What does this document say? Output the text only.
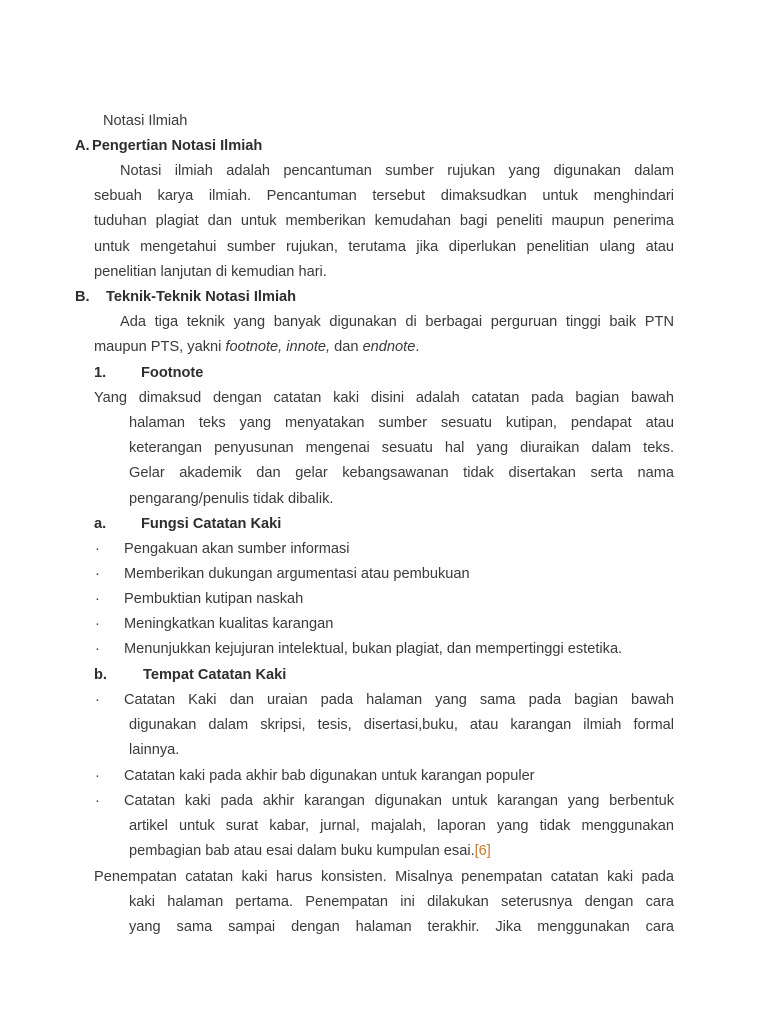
Notasi Ilmiah
A. Pengertian Notasi Ilmiah
Notasi ilmiah adalah pencantuman sumber rujukan yang digunakan dalam
sebuah karya ilmiah. Pencantuman tersebut dimaksudkan untuk menghindari
tuduhan plagiat dan untuk memberikan kemudahan bagi peneliti maupun penerima
untuk mengetahui sumber rujukan, terutama jika diperlukan penelitian ulang atau
penelitian lanjutan di kemudian hari.
B. Teknik-Teknik Notasi Ilmiah
Ada tiga teknik yang banyak digunakan di berbagai perguruan tinggi baik PTN
maupun PTS, yakni footnote, innote, dan endnote.
1. Footnote
Yang dimaksud dengan catatan kaki disini adalah catatan pada bagian bawah
halaman teks yang menyatakan sumber sesuatu kutipan, pendapat atau
keterangan penyusunan mengenai sesuatu hal yang diuraikan dalam teks.
Gelar akademik dan gelar kebangsawanan tidak disertakan serta nama
pengarang/penulis tidak dibalik.
a. Fungsi Catatan Kaki
· Pengakuan akan sumber informasi
· Memberikan dukungan argumentasi atau pembukuan
· Pembuktian kutipan naskah
· Meningkatkan kualitas karangan
· Menunjukkan kejujuran intelektual, bukan plagiat, dan mempertinggi estetika.
b. Tempat Catatan Kaki
· Catatan Kaki dan uraian pada halaman yang sama pada bagian bawah
digunakan dalam skripsi, tesis, disertasi,buku, atau karangan ilmiah formal
lainnya.
· Catatan kaki pada akhir bab digunakan untuk karangan populer
· Catatan kaki pada akhir karangan digunakan untuk karangan yang berbentuk
artikel untuk surat kabar, jurnal, majalah, laporan yang tidak menggunakan
pembagian bab atau esai dalam buku kumpulan esai.[6]
Penempatan catatan kaki harus konsisten. Misalnya penempatan catatan kaki pada
kaki halaman pertama. Penempatan ini dilakukan seterusnya dengan cara
yang sama sampai dengan halaman terakhir. Jika menggunakan cara
